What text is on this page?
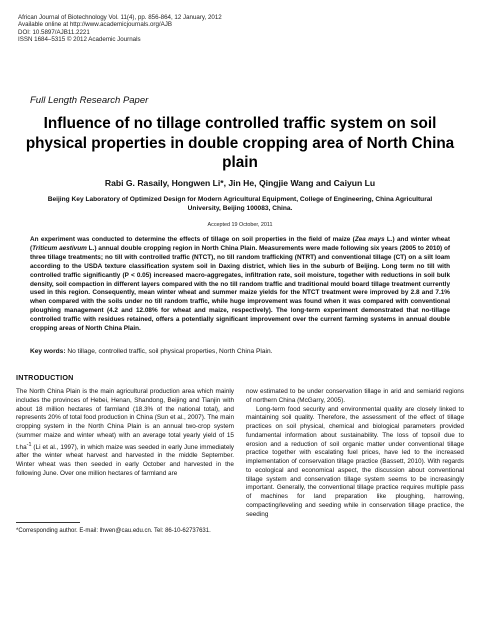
African Journal of Biotechnology Vol. 11(4), pp. 856-864, 12 January, 2012
Available online at http://www.academicjournals.org/AJB
DOI: 10.5897/AJB11.2221
ISSN 1684–5315 © 2012 Academic Journals
Full Length Research Paper
Influence of no tillage controlled traffic system on soil physical properties in double cropping area of North China plain
Rabi G. Rasaily, Hongwen Li*, Jin He, Qingjie Wang and Caiyun Lu
Beijing Key Laboratory of Optimized Design for Modern Agricultural Equipment, College of Engineering, China Agricultural University, Beijing 100083, China.
Accepted 19 October, 2011
An experiment was conducted to determine the effects of tillage on soil properties in the field of maize (Zea mays L.) and winter wheat (Triticum aestivum L.) annual double cropping region in North China Plain. Measurements were made following six years (2005 to 2010) of three tillage treatments; no till with controlled traffic (NTCT), no till random trafficking (NTRT) and conventional tillage (CT) on a silt loam according to the USDA texture classification system soil in Daxing district, which lies in the suburb of Beijing. Long term no till with controlled traffic significantly (P < 0.05) increased macro-aggregates, infiltration rate, soil moisture, together with reductions in soil bulk density, soil compaction in different layers compared with the no till random traffic and traditional mould board tillage treatment currently used in this region. Consequently, mean winter wheat and summer maize yields for the NTCT treatment were improved by 2.8 and 7.1% when compared with the soils under no till random traffic, while huge improvement was found when it was compared with conventional ploughing management (4.2 and 12.08% for wheat and maize, respectively). The long-term experiment demonstrated that no-tillage controlled traffic with residues retained, offers a potentially significant improvement over the current farming systems in annual double cropping areas of North China Plain.
Key words: No tillage, controlled traffic, soil physical properties, North China Plain.
INTRODUCTION

The North China Plain is the main agricultural production area which mainly includes the provinces of Hebei, Henan, Shandong, Beijing and Tianjin with about 18 million hectares of farmland (18.3% of the national total), and represents 20% of total food production in China (Sun et al., 2007). The main cropping system in the North China Plain is an annual two-crop system (summer maize and winter wheat) with an average total yearly yield of 15 $t.ha^{-1}$ (Li et al., 1997), in which maize was seeded in early June immediately after the winter wheat harvest and harvested in the middle September. Winter wheat was then seeded in early October and harvested in the following June. Over one million hectares of farmland are

now estimated to be under conservation tillage in arid and semiarid regions of northern China (McGarry, 2005).

Long-term food security and environmental quality are closely linked to maintaining soil quality. Therefore, the assessment of the effect of tillage practices on soil physical, chemical and biological parameters provided fundamental information about sustainability. The loss of topsoil due to erosion and a reduction of soil organic matter under conventional tillage practice together with escalating fuel prices, have led to the increased implementation of conservation tillage practice (Bassett, 2010). With regards to ecological and economical aspect, the discussion about conventional tillage system and conservation tillage system seems to be increasingly important. Generally, the conventional tillage practice requires multiple pass of machines for land preparation like ploughing, harrowing, compacting/leveling and seeding while in conservation tillage practice, the seeding

*Corresponding author. E-mail: lhwen@cau.edu.cn. Tel: 86-10-62737631.
